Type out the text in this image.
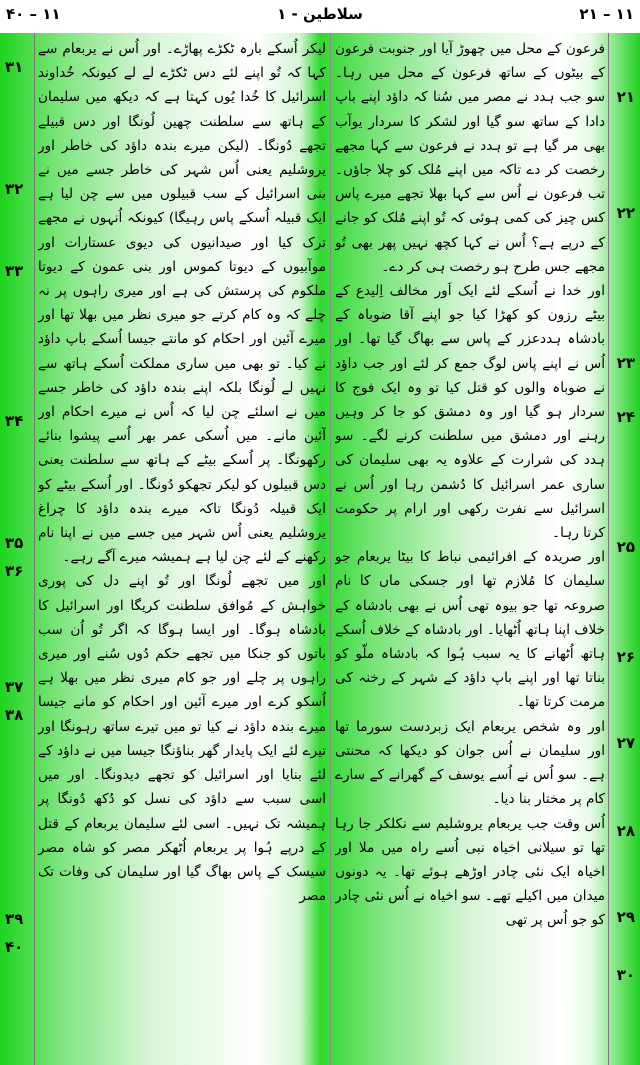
۴۰ – ۱۱	۱ - سلاطین	۲۱ – ۱۱
۲۱
۲۲
۲۳
۲۴
۲۵
۲۶
۲۷
۲۸
۲۹
۳۰
۳۱
۳۲
۳۳
۳۴
۳۵
۳۶
۳۷
۳۸
۳۹
۴۰

فرعون کے محل میں چھوڑ آیا اور جنوبت فرعون کے بیٹوں کے ساتھ فرعون کے محل میں رہا۔ سو جب ہدد نے مصر میں سُنا کہ داؤد اپنے باپ دادا کے ساتھ سو گیا اور لشکر کا سردار یوآب بھی مر گیا ہے تو ہدد نے فرعون سے کہا مجھے رخصت کر دے تاکہ میں اپنے مُلک کو چلا جاؤں۔ تب فرعون نے اُس سے کہا بھلا تجھے میرے پاس کس چیز کی کمی ہوئی کہ تُو اپنے مُلک کو جانے کے درپے ہے؟ اُس نے کہا کچھ نہیں پھر بھی تُو مجھے جس طرح ہو رخصت ہی کر دے۔

اور خدا نے اُسکے لئے ایک اَور مخالف اِلیدع کے بیٹے رزون کو کھڑا کیا جو اپنے آقا ضوباہ کے بادشاہ ہددعزر کے پاس سے بھاگ گیا تھا۔ اور اُس نے اپنے پاس لوگ جمع کر لئے اور جب داؤد نے ضوباہ والوں کو قتل کیا تو وہ ایک فوج کا سردار ہو گیا اور وہ دمشق کو جا کر وہیں رہنے اور دمشق میں سلطنت کرنے لگے۔ سو ہدد کی شرارت کے علاوہ یہ بھی سلیمان کی ساری عمر اسرائیل کا دُشمن رہا اور اُس نے اسرائیل سے نفرت رکھی اور ارام پر حکومت کرتا رہا۔

اور صریدہ کے افرائیمی نباط کا بیٹا یربعام جو سلیمان کا مُلازم تھا اور جسکی ماں کا نام صروعہ تھا جو بیوہ تھی اُس نے بھی بادشاہ کے خلاف اپنا ہاتھ اُٹھایا۔ اور بادشاہ کے خلاف اُسکے ہاتھ اُٹھانے کا یہ سبب ہُوا کہ بادشاہ ملّو کو بناتا تھا اور اپنے باپ داؤد کے شہر کے رخنہ کی مرمت کرتا تھا۔

اور وہ شخص یربعام ایک زبردست سورما تھا اور سلیمان نے اُس جوان کو دیکھا کہ محنتی ہے۔ سو اُس نے اُسے یوسف کے گھرانے کے سارے کام پر مختار بنا دیا۔

اُس وقت جب یربعام یروشلیم سے نکلکر جا رہا تھا تو سیلانی اخیاہ نبی اُسے راہ میں ملا اور اخیاہ ایک نئی چادر اوڑھے ہوئے تھا۔ یہ دونوں میدان میں اکیلے تھے۔ سو اخیاہ نے اُس نئی چادر کو جو اُس پر تھی

لیکر اُسکے بارہ ٹکڑے پھاڑے۔ اور اُس نے یربعام سے کہا کہ تُو اپنے لئے دس ٹکڑے لے لے کیونکہ خُداوند اسرائیل کا خُدا یُوں کہتا ہے کہ دیکھ میں سلیمان کے ہاتھ سے سلطنت چھین لُونگا اور دس قبیلے تجھے دُونگا۔ (لیکن میرے بندہ داؤد کی خاطر اور یروشلیم یعنی اُس شہر کی خاطر جسے میں نے بنی اسرائیل کے سب قبیلوں میں سے چن لیا ہے ایک قبیلہ اُسکے پاس رہیگا) کیونکہ اُنہوں نے مجھے ترک کیا اور صیدانیوں کی دیوی عستارات اور موآبیوں کے دیوتا کموس اور بنی عمون کے دیوتا ملکوم کی پرستش کی ہے اور میری راہوں پر نہ چلے کہ وہ کام کرتے جو میری نظر میں بھلا تھا اور میرے آئین اور احکام کو مانتے جیسا اُسکے باپ داؤد نے کیا۔ تو بھی میں ساری مملکت اُسکے ہاتھ سے نہیں لے لُونگا بلکہ اپنے بندہ داؤد کی خاطر جسے میں نے اسلئے چن لیا کہ اُس نے میرے احکام اور آئین مانے۔ میں اُسکی عمر بھر اُسے پیشوا بنائے رکھونگا۔ پر اُسکے بیٹے کے ہاتھ سے سلطنت یعنی دس قبیلوں کو لیکر تجھکو دُونگا۔ اور اُسکے بیٹے کو ایک قبیلہ دُونگا تاکہ میرے بندہ داؤد کا چراغ یروشلیم یعنی اُس شہر میں جسے میں نے اپنا نام رکھنے کے لئے چن لیا ہے ہمیشہ میرے آگے رہے۔

اور میں تجھے لُونگا اور تُو اپنے دل کی پوری خواہش کے مُوافق سلطنت کریگا اور اسرائیل کا بادشاہ ہوگا۔ اور ایسا ہوگا کہ اگر تُو اُن سب باتوں کو جنکا میں تجھے حکم دُوں سُنے اور میری راہوں پر چلے اور جو کام میری نظر میں بھلا ہے اُسکو کرے اور میرے آئین اور احکام کو مانے جیسا میرے بندہ داؤد نے کیا تو میں تیرے ساتھ رہونگا اور تیرے لئے ایک پایدار گھر بناؤنگا جیسا میں نے داؤد کے لئے بنایا اور اسرائیل کو تجھے دیدونگا۔ اور میں اسی سبب سے داؤد کی نسل کو دُکھ دُونگا پر ہمیشہ تک نہیں۔ اسی لئے سلیمان یربعام کے قتل کے درپے ہُوا پر یربعام اُٹھکر مصر کو شاہ مصر سیسک کے پاس بھاگ گیا اور سلیمان کی وفات تک مصر
